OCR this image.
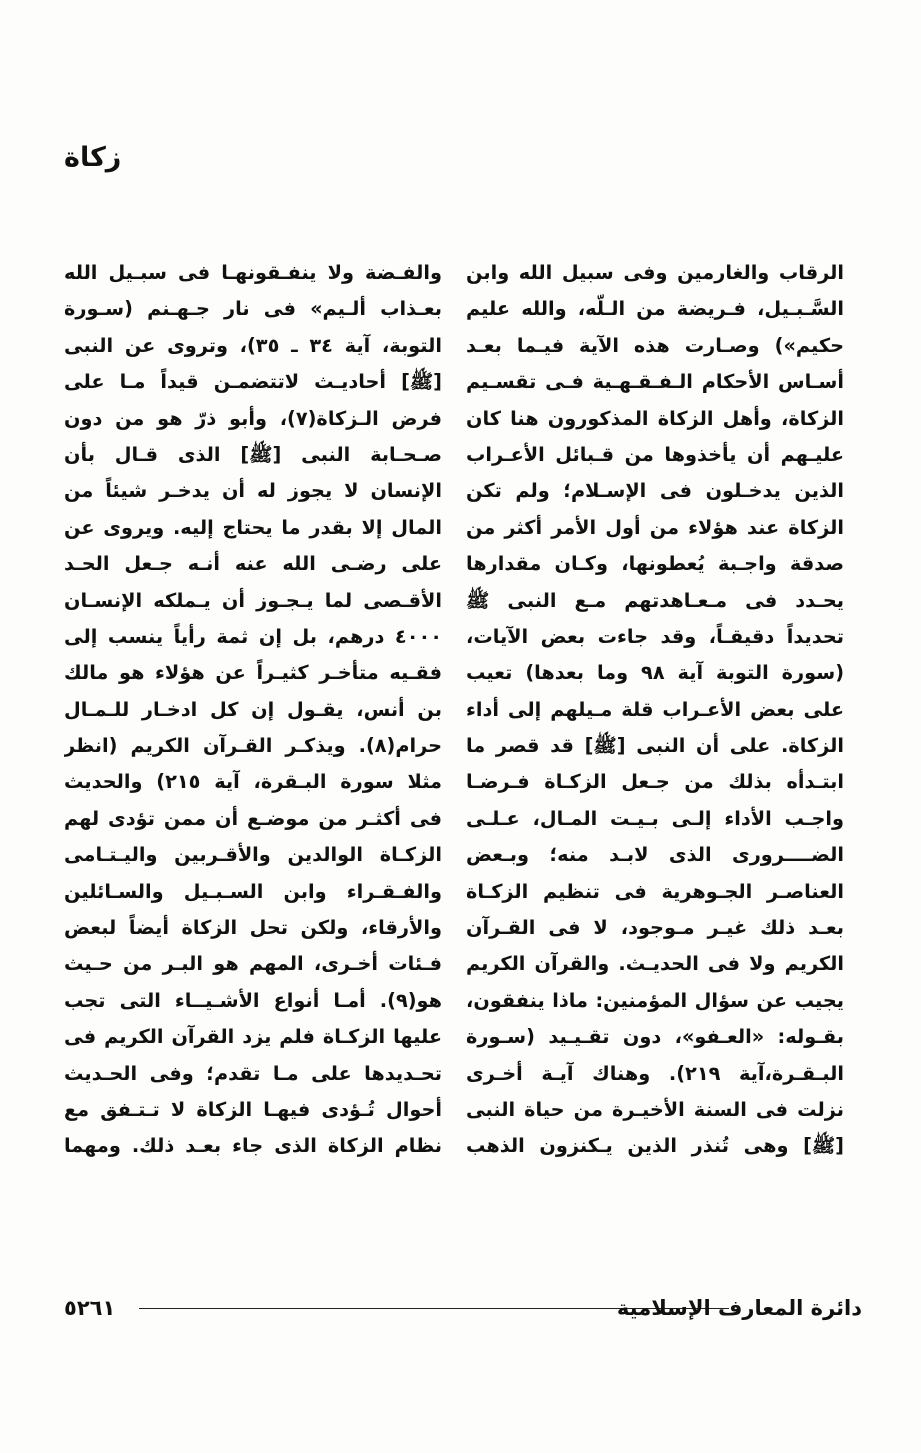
زكاة
الرقاب والغارمين وفى سبيل الله وابن
السَّـبـيل، فـريضة من الـلّه، والله عليم
حكيم») وصـارت هذه الآية فيـما بعـد
أسـاس الأحكام الـفـقـهـية فـى تقسـيم
الزكاة، وأهل الزكاة المذكورون هنا كان
عليـهم أن يأخذوها من قـبائل الأعـراب
الذين يدخـلون فى الإسـلام؛ ولم تكن
الزكاة عند هؤلاء من أول الأمر أكثر من
صدقة واجـبة يُعطونها، وكـان مقدارها
يحـدد فى مـعـاهدتهم مـع النبى ﷺ
تحديداً دقيقـاً، وقد جاءت بعض الآيات،
(سورة التوبة آية ٩٨ وما بعدها) تعيب
على بعض الأعـراب قلة مـيلهم إلى أداء
الزكاة. على أن النبى [ﷺ] قد قصر ما
ابتـدأه بذلك من جـعل الزكـاة فـرضـا
واجـب الأداء إلـى بـيـت المـال، عـلـى
الضــــرورى الذى لابـد منه؛ وبـعض
العناصـر الجـوهرية فى تنظيم الزكـاة
بعـد ذلك غيـر مـوجود، لا فى القـرآن
الكريم ولا فى الحديـث. والقرآن الكريم
يجيب عن سؤال المؤمنين: ماذا ينفقون،
بقـوله: «العـفو»، دون تقـيـيد (سـورة
البـقـرة،آية ٢١٩). وهناك آيـة أخـرى
نزلت فى السنة الأخيـرة من حياة النبى
[ﷺ] وهى تُنذر الذين يـكنزون الذهب
والفـضة ولا ينفـقونهـا فى سبـيل الله
بعـذاب ألـيم» فى نار جـهـنم (سـورة
التوبة، آية ٣٤ ـ ٣٥)، وتروى عن النبى
[ﷺ] أحاديـث لاتتضمـن قيداً مـا على
فرض الـزكاة(٧)، وأبو ذرّ هو من دون
صـحـابة النبى [ﷺ] الذى قـال بأن
الإنسان لا يجوز له أن يدخـر شيئاً من
المال إلا بقدر ما يحتاج إليه. ويروى عن
على رضـى الله عنه أنـه جـعل الحـد
الأقـصى لما يـجـوز أن يـملكه الإنسـان
٤٠٠٠ درهم، بل إن ثمة رأياً ينسب إلى
فقـيه متأخـر كثيـراً عن هؤلاء هو مالك
بن أنس، يقـول إن كل ادخـار للـمـال
حرام(٨). ويذكـر القـرآن الكريم (انظر
مثلا سورة البـقرة، آية ٢١٥) والحديث
فى أكثـر من موضـع أن ممن تؤدى لهم
الزكـاة الوالدين والأقـربين واليـتـامى
والفـقـراء وابن السـبـيل والسـائلين
والأرقاء، ولكن تحل الزكاة أيضاً لبعض
فـئات أخـرى، المهم هو البـر من حـيث
هو(٩). أمـا أنواع الأشـيــاء التى تجب
عليها الزكـاة فلم يزد القرآن الكريم فى
تحـديدها على مـا تقدم؛ وفى الحـديث
أحوال تُـؤدى فيهـا الزكاة لا تـتـفق مع
نظام الزكاة الذى جاء بعـد ذلك. ومهما
٥٢٦١	دائرة المعارف الإسلامية
